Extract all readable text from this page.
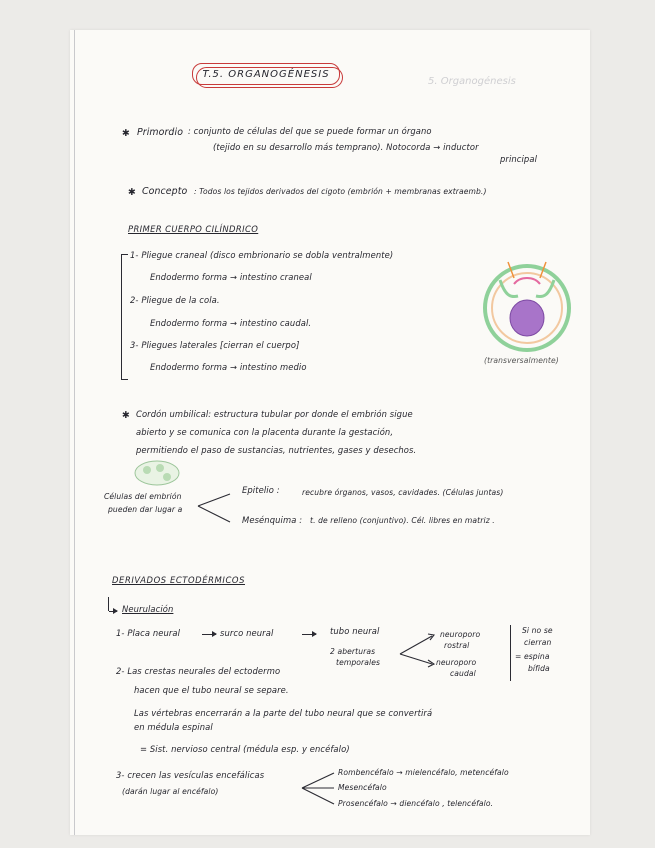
5. Organogénesis
T.5. ORGANOGÉNESIS
✱ Primordio : conjunto de células del que se puede formar un órgano
(tejido en su desarrollo más temprano). Notocorda → inductor
principal
✱ Concepto : Todos los tejidos derivados del cigoto (embrión + membranas extraemb.)
PRIMER CUERPO CILÍNDRICO
1- Pliegue craneal (disco embrionario se dobla ventralmente)
Endodermo forma → intestino craneal
2- Pliegue de la cola.
Endodermo forma → intestino caudal.
3- Pliegues laterales [cierran el cuerpo]
Endodermo forma → intestino medio
(transversalmente)
✱ Cordón umbilical: estructura tubular por donde el embrión sigue
abierto y se comunica con la placenta durante la gestación,
permitiendo el paso de sustancias, nutrientes, gases y desechos.
Células del embrión
pueden dar lugar a
Epitelio :	recubre órganos, vasos, cavidades. (Células juntas)
Mesénquima : t. de relleno (conjuntivo). Cél. libres en matriz .
DERIVADOS ECTODÉRMICOS
Neurulación
1- Placa neural	surco neural	tubo neural
2 aberturas
temporales
neuroporo
rostral
neuroporo
caudal
Si no se
cierran
= espina
bífida
2- Las crestas neurales del ectodermo
hacen que el tubo neural se separe.
Las vértebras encerrarán a la parte del tubo neural que se convertirá
en médula espinal
= Sist. nervioso central (médula esp. y encéfalo)
3- crecen las vesículas encefálicas
(darán lugar al encéfalo)
Rombencéfalo → mielencéfalo, metencéfalo
Mesencéfalo
Prosencéfalo → diencéfalo , telencéfalo.
